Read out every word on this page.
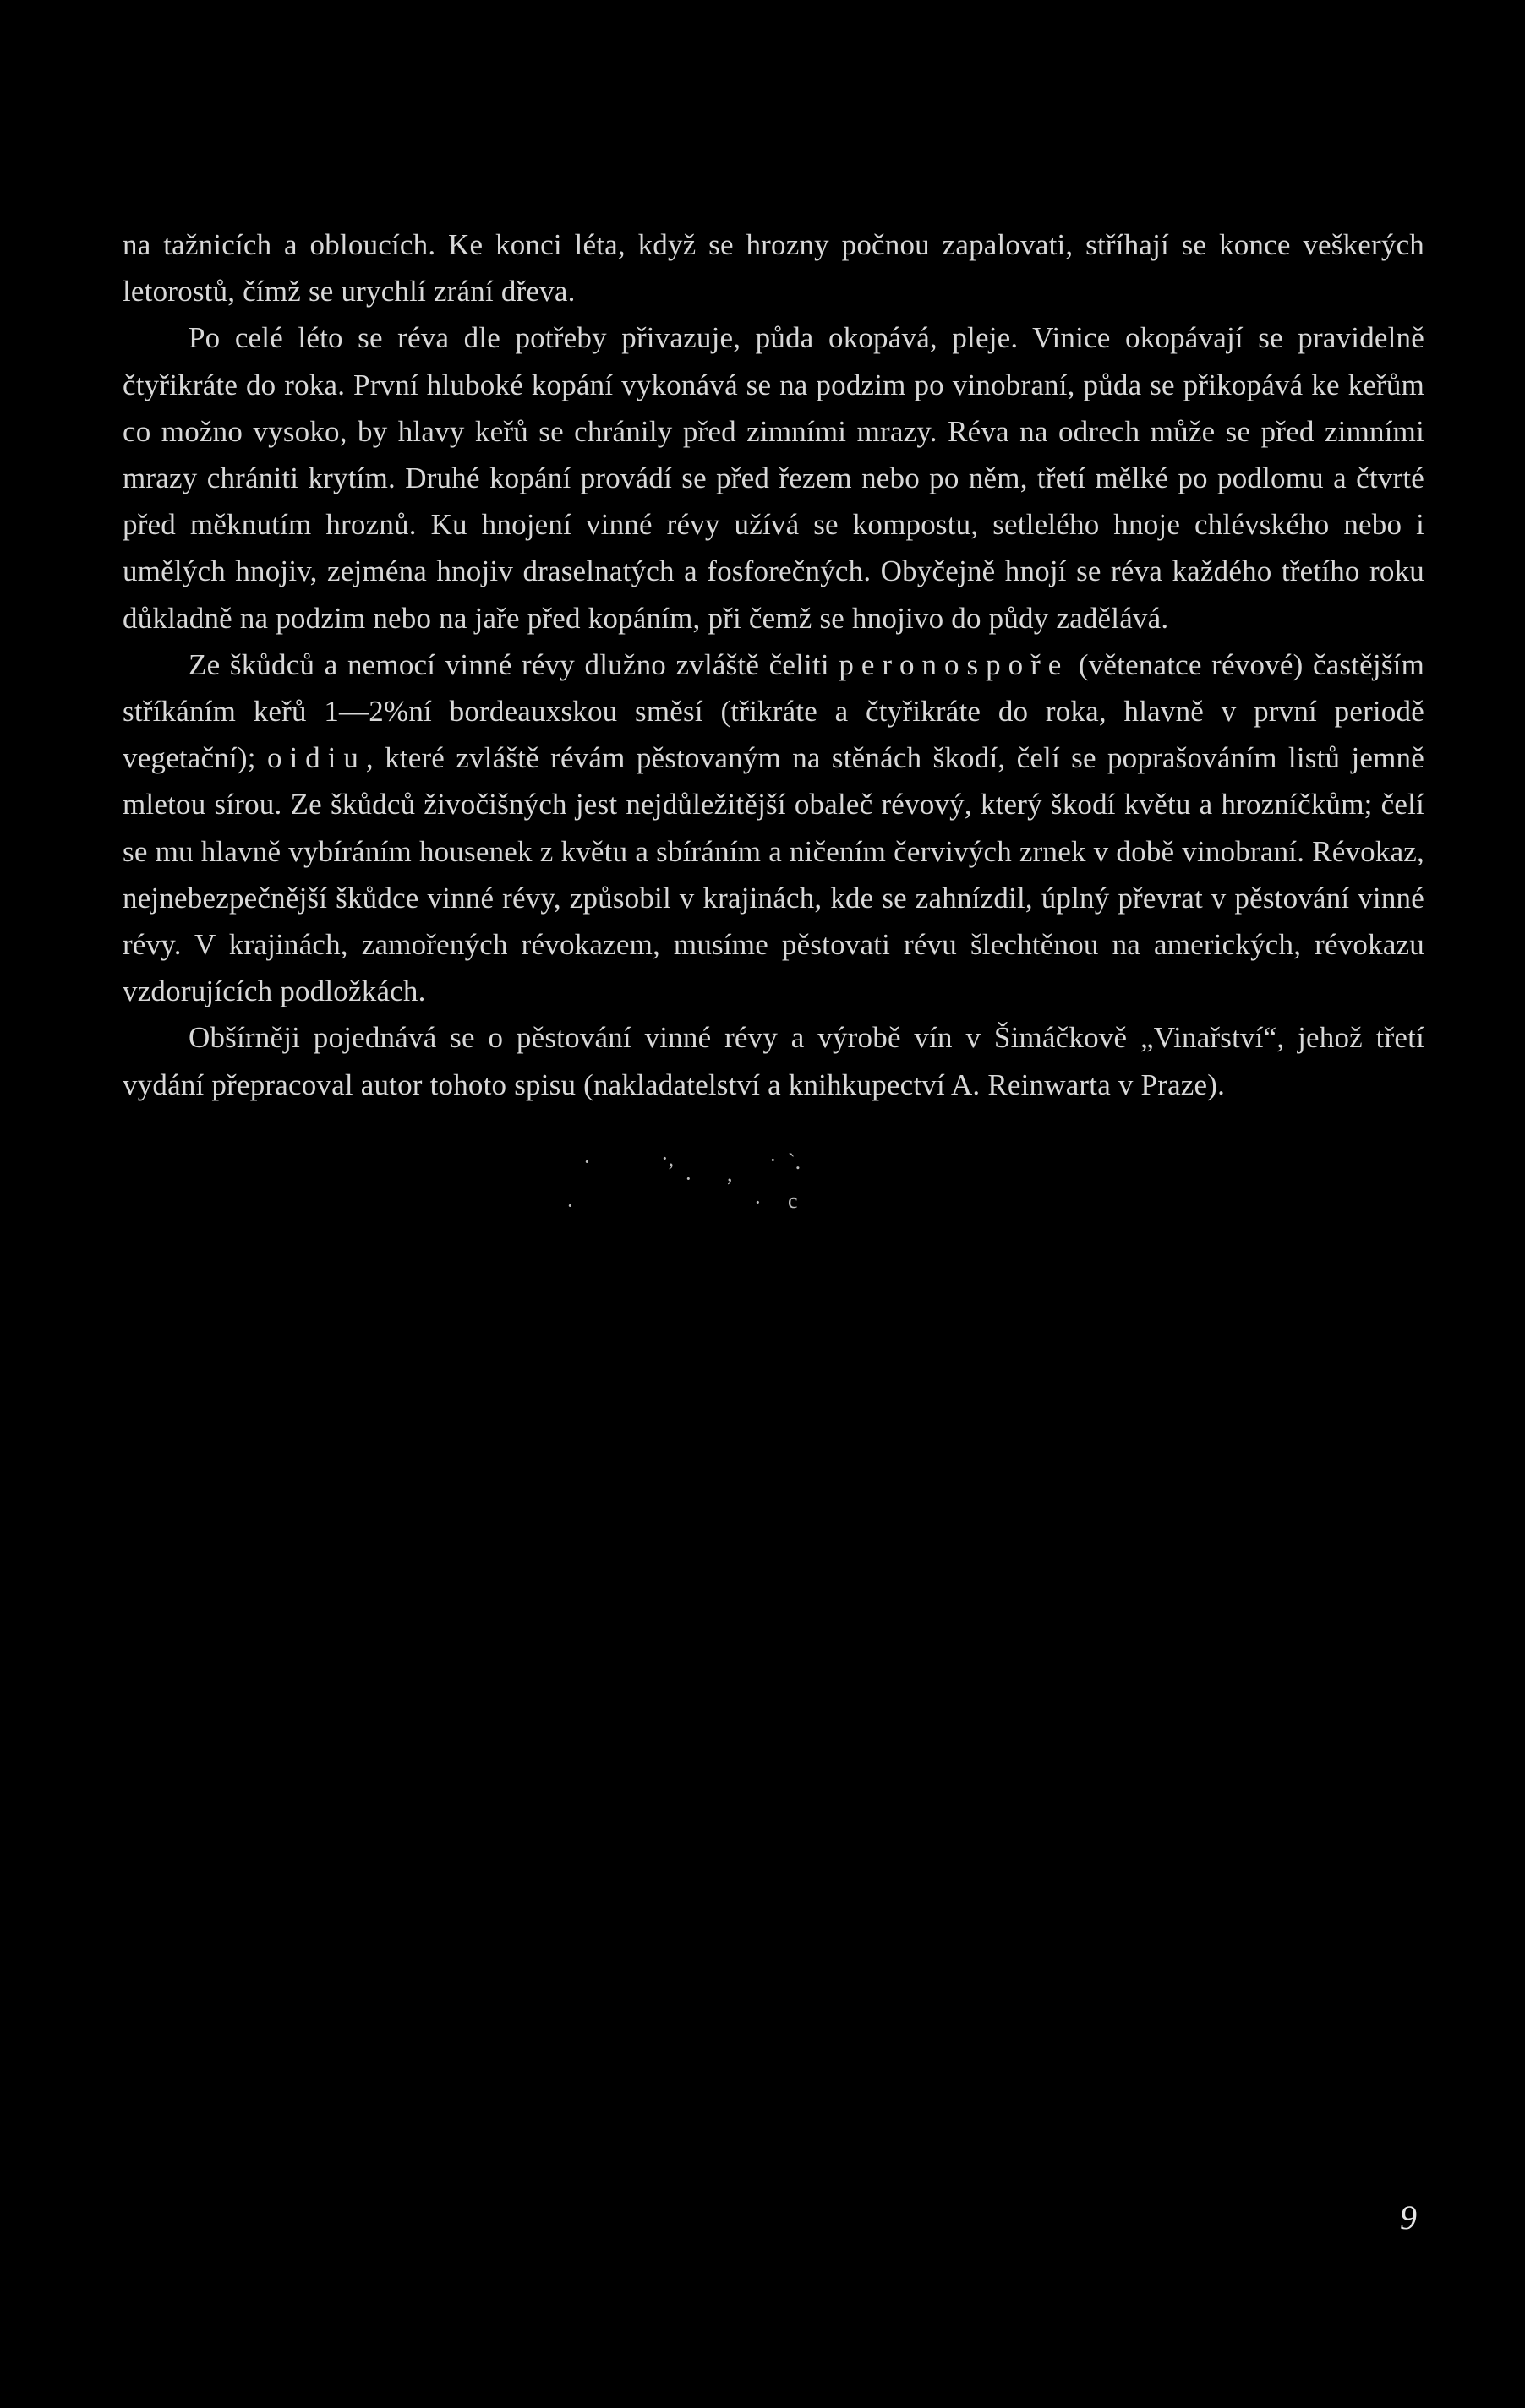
na tažnicích a obloucích. Ke konci léta, když se hrozny počnou zapalovati, stříhají se konce veškerých letorostů, čímž se urychlí zrání dřeva.

Po celé léto se réva dle potřeby přivazuje, půda okopává, pleje. Vinice okopávají se pravidelně čtyřikráte do roka. První hluboké kopání vykonává se na podzim po vinobraní, půda se přikopává ke keřům co možno vysoko, by hlavy keřů se chránily před zimními mrazy. Réva na odrech může se před zimními mrazy chrániti krytím. Druhé kopání provádí se před řezem nebo po něm, třetí mělké po podlomu a čtvrté před měknutím hroznů. Ku hnojení vinné révy užívá se kompostu, setlelého hnoje chlévského nebo i umělých hnojiv, zejména hnojiv draselnatých a fosforečných. Obyčejně hnojí se réva každého třetího roku důkladně na podzim nebo na jaře před kopáním, při čemž se hnojivo do půdy zadělává.

Ze škůdců a nemocí vinné révy dlužno zvláště čeliti peronospoře (větenatce révové) častějším stříkáním keřů 1—2%ní bordeauxskou směsí (třikráte a čtyřikráte do roka, hlavně v první periodě vegetační); oidiu, které zvláště révám pěstovaným na stěnách škodí, čelí se poprašováním listů jemně mletou sírou. Ze škůdců živočišných jest nejdůležitější obaleč révový, který škodí květu a hrozníčkům; čelí se mu hlavně vybíráním housenek z květu a sbíráním a ničením červivých zrnek v době vinobraní. Révokaz, nejnebezpečnější škůdce vinné révy, způsobil v krajinách, kde se zahnízdil, úplný převrat v pěstování vinné révy. V krajinách, zamořených révokazem, musíme pěstovati révu šlechtěnou na amerických, révokazu vzdorujících podložkách.

Obšírněji pojednává se o pěstování vinné révy a výrobě vín v Šimáčkově „Vinařství“, jehož třetí vydání přepracoval autor tohoto spisu (nakladatelství a knihkupectví A. Reinwarta v Praze).

·	·,
· ,
· `.
·	· c
9
